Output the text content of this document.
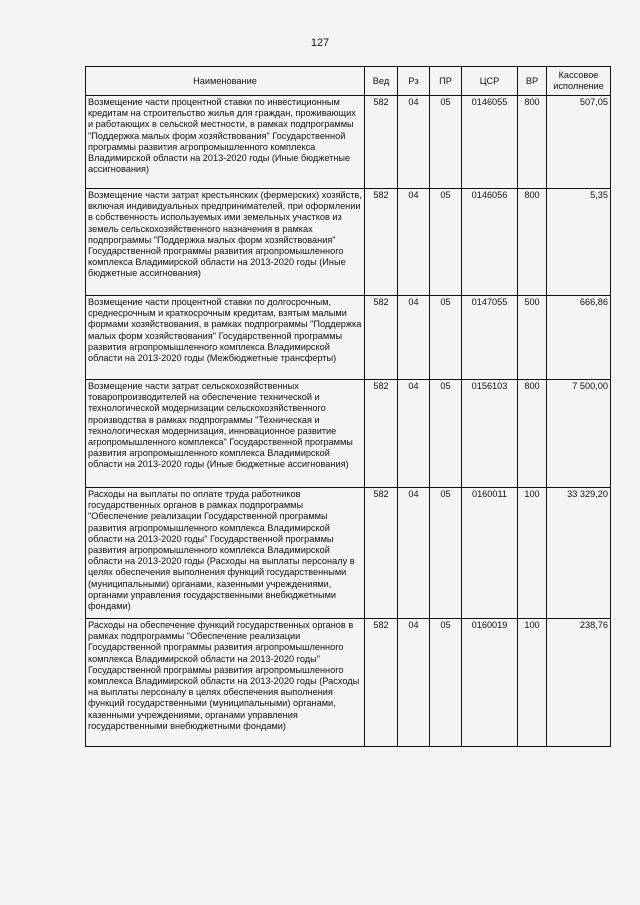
127
Наименование	Вед	Рз	ПР	ЦСР	ВР	Кассовое исполнение
Возмещение части процентной ставки по инвестиционным кредитам на строительство жилья для граждан, проживающих и работающих в сельской местности, в рамках подпрограммы "Поддержка малых форм хозяйствования" Государственной программы развития агропромышленного комплекса Владимирской области на 2013-2020 годы (Иные бюджетные ассигнования)	582	04	05	0146055	800	507,05
Возмещение части затрат крестьянских (фермерских) хозяйств, включая индивидуальных предпринимателей, при оформлении в собственность используемых ими земельных участков из земель сельскохозяйственного назначения в рамках подпрограммы "Поддержка малых форм хозяйствования" Государственной программы развития агропромышленного комплекса Владимирской области на 2013-2020 годы (Иные бюджетные ассигнования)	582	04	05	0146056	800	5,35
Возмещение части процентной ставки по долгосрочным, среднесрочным и краткосрочным кредитам, взятым малыми формами хозяйствования, в рамках подпрограммы "Поддержка малых форм хозяйствования" Государственной программы развития агропромышленного комплекса Владимирской области на 2013-2020 годы (Межбюджетные трансферты)	582	04	05	0147055	500	666,86
Возмещение части затрат сельскохозяйственных товаропроизводителей на обеспечение технической и технологической модернизации сельскохозяйственного производства в рамках подпрограммы "Техническая и технологическая модернизация, инновационное развитие агропромышленного комплекса" Государственной программы развития агропромышленного комплекса Владимирской области на 2013-2020 годы (Иные бюджетные ассигнования)	582	04	05	0156103	800	7 500,00
Расходы на выплаты по оплате труда работников государственных органов в рамках подпрограммы "Обеспечение реализации Государственной программы развития агропромышленного комплекса Владимирской области на 2013-2020 годы" Государственной программы развития агропромышленного комплекса Владимирской области на 2013-2020 годы (Расходы на выплаты персоналу в целях обеспечения выполнения функций государственными (муниципальными) органами, казенными учреждениями, органами управления государственными внебюджетными фондами)	582	04	05	0160011	100	33 329,20
Расходы на обеспечение функций государственных органов в рамках подпрограммы "Обеспечение реализации Государственной программы развития агропромышленного комплекса Владимирской области на 2013-2020 годы" Государственной программы развития агропромышленного комплекса Владимирской области на 2013-2020 годы (Расходы на выплаты персоналу в целях обеспечения выполнения функций государственными (муниципальными) органами, казенными учреждениями, органами управления государственными внебюджетными фондами)	582	04	05	0160019	100	238,76
